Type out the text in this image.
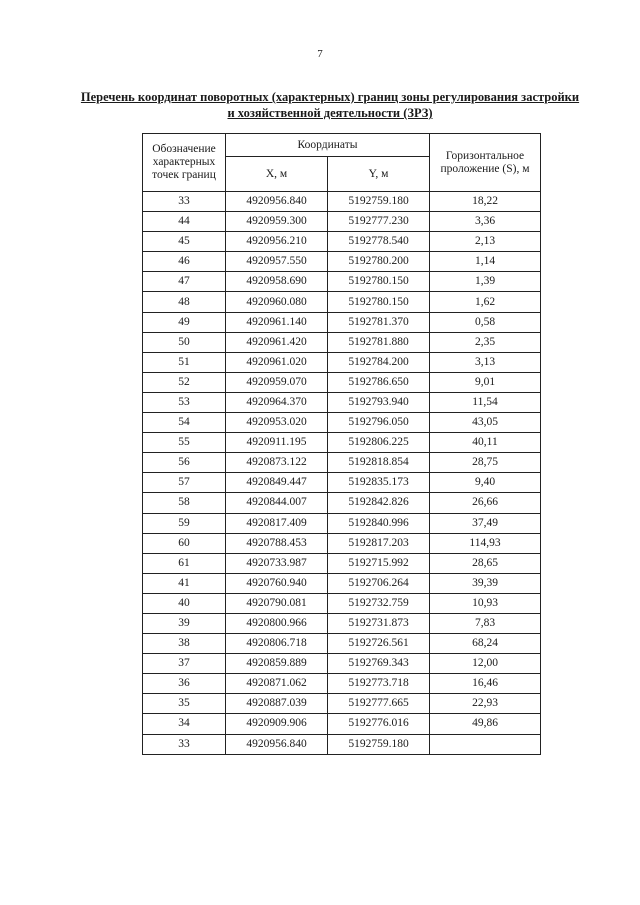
7
Перечень координат поворотных (характерных) границ зоны регулирования застройки
и хозяйственной деятельности (ЗРЗ)
Обозначение характерных точек границ	Координаты		Горизонтальное проложение (S), м
	X, м	Y, м	
33	4920956.840	5192759.180	18,22
44	4920959.300	5192777.230	3,36
45	4920956.210	5192778.540	2,13
46	4920957.550	5192780.200	1,14
47	4920958.690	5192780.150	1,39
48	4920960.080	5192780.150	1,62
49	4920961.140	5192781.370	0,58
50	4920961.420	5192781.880	2,35
51	4920961.020	5192784.200	3,13
52	4920959.070	5192786.650	9,01
53	4920964.370	5192793.940	11,54
54	4920953.020	5192796.050	43,05
55	4920911.195	5192806.225	40,11
56	4920873.122	5192818.854	28,75
57	4920849.447	5192835.173	9,40
58	4920844.007	5192842.826	26,66
59	4920817.409	5192840.996	37,49
60	4920788.453	5192817.203	114,93
61	4920733.987	5192715.992	28,65
41	4920760.940	5192706.264	39,39
40	4920790.081	5192732.759	10,93
39	4920800.966	5192731.873	7,83
38	4920806.718	5192726.561	68,24
37	4920859.889	5192769.343	12,00
36	4920871.062	5192773.718	16,46
35	4920887.039	5192777.665	22,93
34	4920909.906	5192776.016	49,86
33	4920956.840	5192759.180	
